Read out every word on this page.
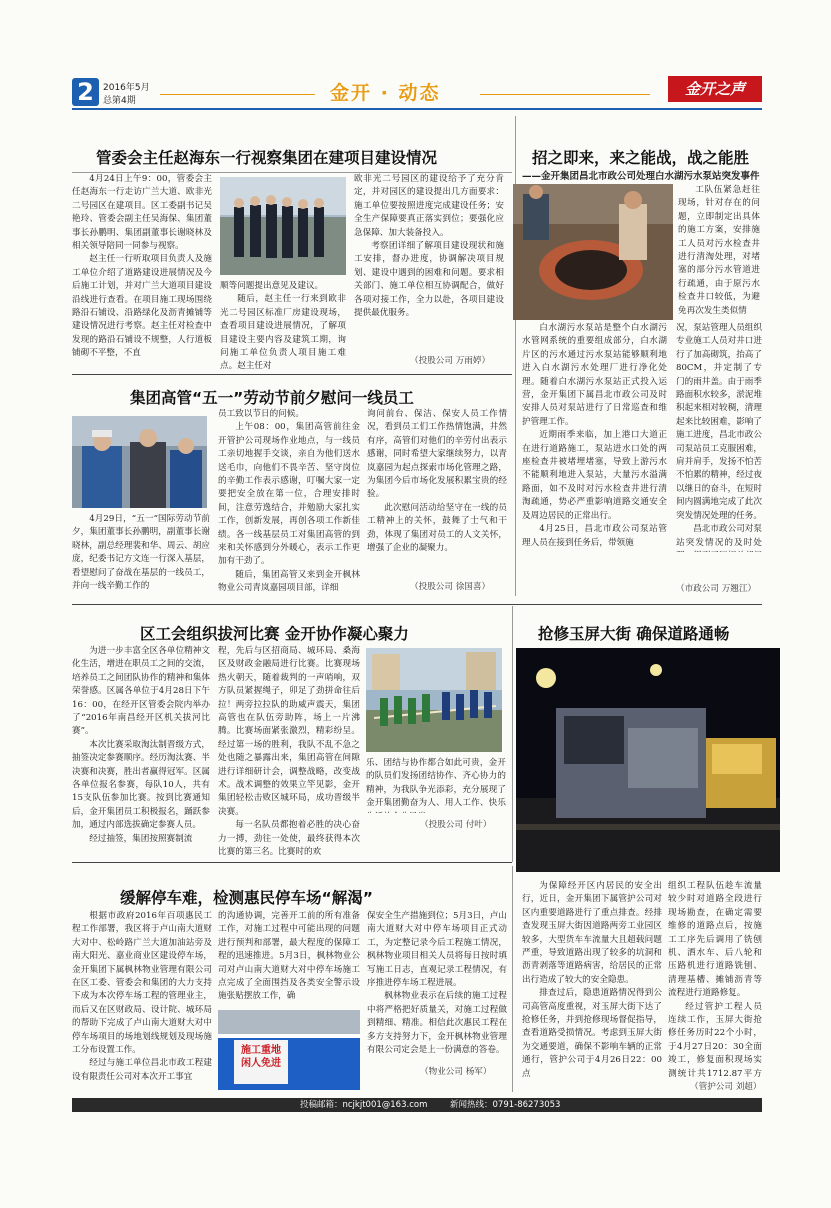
2	2016年5月
总第4期	金开 · 动态	金开之声
管委会主任赵海东一行视察集团在建项目建设情况

4月24日上午9：00，管委会主任赵海东一行走访广兰大道、欧非光二号园区在建项目。区工委副书记吴艳玲、管委会副主任吴海保、集团董事长孙鹏明、集团副董事长谢晓林及相关领导陪同一同参与视察。

赵主任一行听取项目负责人及施工单位介绍了道路建设进展情况及今后施工计划，并对广兰大道项目建设沿线进行查看。在项目施工现场围绕路沿石铺设、沿路绿化及沥青摊铺等建设情况进行考察。赵主任对检查中发现的路沿石铺设不规整，人行道板铺砌不平整，不直

顺等问题提出意见及建议。

随后，赵主任一行来到欧非光二号园区标准厂房建设现场，查看项目建设进展情况，了解项目建设主要内容及建筑工期，询问施工单位负责人项目施工难点。赵主任对

欧非光二号园区的建设给予了充分肯定，并对园区的建设提出几方面要求：施工单位要按照进度完成建设任务；安全生产保障要真正落实到位；要强化应急保障、加大装备投入。

考察团详细了解项目建设现状和施工安排，督办进度，协调解决项目规划、建设中遇到的困难和问题。要求相关部门、施工单位相互协调配合，做好各项对接工作，全力以赴，各项目建设提供最优服务。

（投股公司 万雨婷）
集团高管“五一”劳动节前夕慰问一线员工

4月29日，“五一”国际劳动节前夕，集团董事长孙鹏明，副董事长谢晓林，副总经理裴和华、周云、胡应庞，纪委书记方文连一行深入基层，看望慰问了奋战在基层的一线员工，并向一线辛勤工作的

员工致以节日的问候。

上午08：00，集团高管前往金开管护公司现场作业地点，与一线员工亲切地握手交谈，亲自为他们送水送毛巾，向他们不畏辛苦、坚守岗位的辛勤工作表示感谢，叮嘱大家一定要把安全放在第一位，合理安排时间，注意劳逸结合，并勉励大家扎实工作，创新发展，再创各项工作新佳绩。各一线基层员工对集团高管的到来和关怀感到分外暖心，表示工作更加有干劲了。

随后，集团高管又来到金开枫林物业公司青岚嘉园项目部，详细

询问前台、保洁、保安人员工作情况，看到员工们工作热情饱满，井然有序，高管们对他们的辛劳付出表示感谢，同时希望大家继续努力，以青岚嘉园为起点探索市场化管理之路，为集团今后市场化发展积累宝贵的经验。

此次慰问活动给坚守在一线的员工精神上的关怀，鼓舞了士气和干劲，体现了集团对员工的人文关怀，增强了企业的凝聚力。

（投股公司 徐国喜）
招之即来，来之能战，战之能胜
——金开集团昌北市政公司处理白水湖污水泵站突发事件

工队伍紧急赶往现场，针对存在的问题，立即制定出具体的施工方案，安排施工人员对污水检查井进行清淘处理，对堵塞的部分污水管道进行疏通，由于原污水检查井口较低，为避免再次发生类似情

白水湖污水泵站是整个白水湖污水管网系统的重要组成部分，白水湖片区的污水通过污水泵站能够顺利地进入白水湖污水处理厂进行净化处理。随着白水湖污水泵站正式投入运营，金开集团下属昌北市政公司及时安排人员对泵站进行了日常巡查和维护管理工作。

近期雨季来临，加上港口大道正在进行道路施工，泵站进水口处的两座检查井被堵埋堵塞，导致上游污水不能顺利地进入泵站，大量污水溢满路面，如不及时对污水检查井进行清淘疏通，势必严重影响道路交通安全及周边居民的正常出行。

4月25日，昌北市政公司泵站管理人员在接到任务后，带领施

况，泵站管理人员组织专业施工人员对井口进行了加高砌筑，抬高了80CM，并定制了专门的雨井盖。由于雨季路面积水较多，淤泥堆积起来相对较稠，清理起来比较困难，影响了施工进度，昌北市政公司泵站员工克服困难，肩并肩手，发扬不怕苦不怕累的精神，经过夜以继日的奋斗，在短时间内圆满地完成了此次突发情况处理的任务。

昌北市政公司对泵站突发情况的及时处

（市政公司 万翘江）
区工会组织拔河比赛 金开协作凝心聚力

为进一步丰富全区各单位精神文化生活，增进在职员工之间的交流，培养员工之间团队协作的精神和集体荣誉感。区属各单位于4月28日下午16：00，在经开区管委会院内举办了“2016年南昌经开区机关拔河比赛”。

本次比赛采取淘汰制晋级方式，抽签决定参赛顺序。经历淘汰赛、半决赛和决赛，胜出者赢得冠军。区属各单位报名参赛，每队10人，共有15支队伍参加比赛。按到比赛通知后，金开集团员工积极报名，踊跃参加，通过内部选拔确定参赛人员。

经过抽签，集团按照赛制流

程，先后与区招商局、城环局、桑海区及财政金融局进行比赛。比赛现场热火朝天，随着裁判的一声哨响，双方队员紧握绳子，卯足了劲拼命往后拉！两旁拉拉队的助威声震天，集团高管也在队伍旁助阵，场上一片沸腾。比赛场面紧张激烈，精彩纷呈。经过第一场的胜利，我队不乱不急之处也随之暴露出来，集团高管在间隙进行详细研计会，调整战略，改变战术。战术调整的效果立竿见影，金开集团轻松击败区城环局，成功晋级半决赛。

每一名队员都抱着必胜的决心奋力一搏，劲往一处使，最终获得本次比赛的第三名。比赛时的欢

乐、团结与协作都合如此可贵，金开的队员们发扬团结协作、齐心协力的精神，为我队争光添彩，充分展现了金开集团勤奋为人、用人工作、快乐

（投股公司 付叶）
抢修玉屏大街 确保道路通畅
缓解停车难，检测惠民停车场“解渴”

根据市政府2016年百项惠民工程工作部署，我区将于卢山南大道财大对中、松岭路广兰大道加油站旁及南大阳光、嘉业商业区建设停车场，金开集团下属枫林物业管理有限公司在区工委、管委会和集团的大力支持下成为本次停车场工程的管理业主，而后又在区财政局、设计院、城环局的帮助下完成了卢山南大道财大对中停车场项目的场地划线规划及现场施工分布设置工作。

经过与施工单位昌北市政工程建设有限责任公司对本次开工事宜

的沟通协调，完善开工前的所有准备工作，对施工过程中可能出现的问题进行预判和部署，最大程度的保障工程的迅速推进。5月3日，枫林物业公司对卢山南大道财大对中停车场施工点完成了全面围挡及各类安全警示设施张贴摆放工作，确

施工重地 闲人免进

保安全生产措施到位；5月3日，卢山南大道财大对中停车场项目正式动工，为定整记录今后工程施工情况，枫林物业项目相关人员将每日按时填写施工日志，直观记录工程情况，有序推进停车场工程进展。

枫林物业表示在后续的施工过程中将严格把好质量关，对施工过程做到精细、精准。相信此次惠民工程在多方支持努力下，金开枫林物业管理有限公司定会是上一份满意的答卷。

（物业公司 杨军）

为保障经开区内居民的安全出行，近日，金开集团下属管护公司对区内重要道路进行了重点排查。经排查发现玉屏大街因道路两旁工业园区较多，大型货车车流量大且超载问题严重，导致道路出现了较多的坑洞和沥青剥落等道路病害，给居民的正常出行造成了较大的安全隐患。

排查过后，隐患道路情况得到公司高管高度重视，对玉屏大街下达了抢修任务，并到抢修现场督促指导，查看道路受损情况。考虑到玉屏大街为交通要道，确保不影响车辆的正常通行，管护公司于4月26日22：00点

组织工程队伍趁车流量较少时对道路全段进行现场勘查，在确定需要维修的道路点后，按施工工序先后调用了铣刨机、洒水车、后八轮和压路机进行道路铣刨、清理基槽、摊铺沥青等流程进行道路修复。

经过管护工程人员连续工作，玉屏大街抢修任务历时22个小时，于4月27日20：30全面竣工，修复面积现场实测统计共1712.87平方

（管护公司 刘超）
投稿邮箱：ncjkjt001@163.com	新闻热线：0791-86273053
